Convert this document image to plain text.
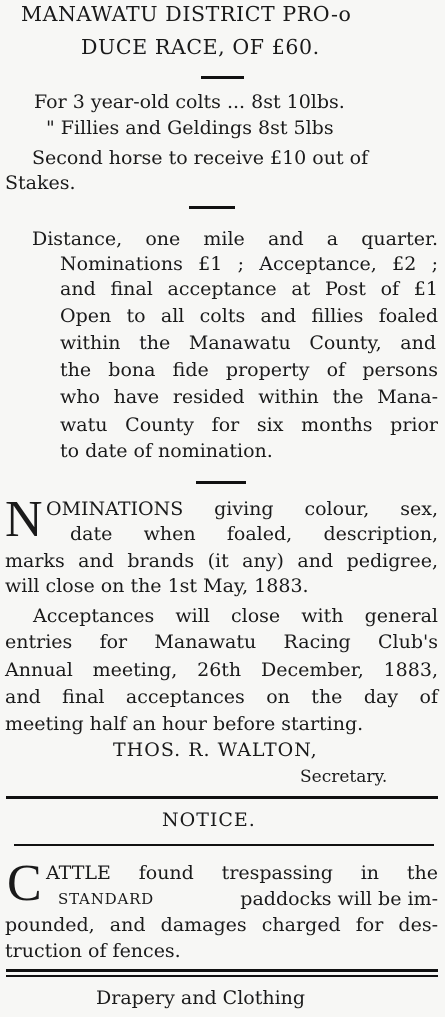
MANAWATU DISTRICT PRO-o
DUCE RACE, OF £60.
For 3 year-old colts ... 8st 10lbs.
" Fillies and Geldings 8st 5lbs
Second horse to receive £10 out of
Stakes.
Distance, one mile and a quarter.
Nominations £1 ; Acceptance, £2 ;
and final acceptance at Post of £1
Open to all colts and fillies foaled
within the Manawatu County, and
the bona fide property of persons
who have resided within the Mana-
watu County for six months prior
to date of nomination.
N OMINATIONS giving colour, sex,
date when foaled, description,
marks and brands (it any) and pedigree,
will close on the 1st May, 1883.
Acceptances will close with general
entries for Manawatu Racing Club's
Annual meeting, 26th December, 1883,
and final acceptances on the day of
meeting half an hour before starting.
THOS. R. WALTON,
Secretary.
NOTICE.
C ATTLE found trespassing in the
STANDARD	paddocks will be im-
pounded, and damages charged for des-
truction of fences.
Drapery and Clothing
